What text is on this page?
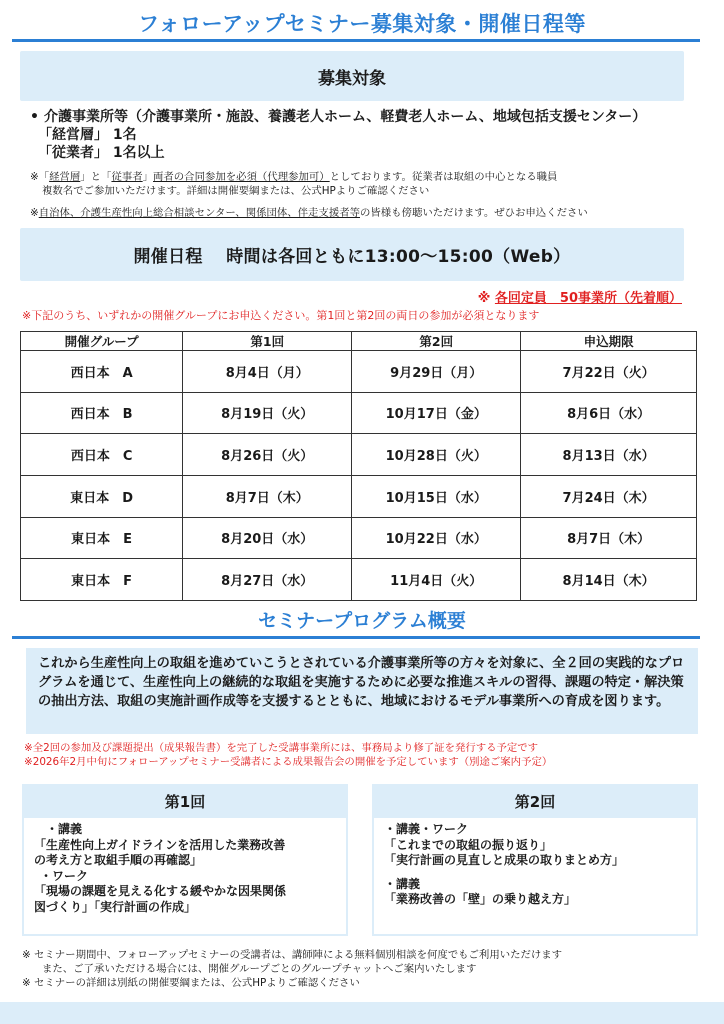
フォローアップセミナー募集対象・開催日程等
募集対象
• 介護事業所等（介護事業所・施設、養護老人ホーム、軽費老人ホーム、地域包括支援センター）
「経営層」 1名
「従業者」 1名以上
※「経営層」と「従事者」両者の合同参加を必須（代理参加可）としております。従業者は取組の中心となる職員
複数名でご参加いただけます。詳細は開催要綱または、公式HPよりご確認ください
※自治体、介護生産性向上総合相談センター、関係団体、伴走支援者等の皆様も傍聴いただけます。ぜひお申込ください
開催日程　 時間は各回ともに13:00～15:00（Web）
※ 各回定員　50事業所（先着順）
※下記のうち、いずれかの開催グループにお申込ください。第1回と第2回の両日の参加が必須となります
開催グループ	第1回	第2回	申込期限
西日本　A	8月4日（月）	9月29日（月）	7月22日（火）
西日本　B	8月19日（火）	10月17日（金）	8月6日（水）
西日本　C	8月26日（火）	10月28日（火）	8月13日（水）
東日本　D	8月7日（木）	10月15日（水）	7月24日（木）
東日本　E	8月20日（水）	10月22日（水）	8月7日（木）
東日本　F	8月27日（水）	11月4日（火）	8月14日（木）
セミナープログラム概要
これから生産性向上の取組を進めていこうとされている介護事業所等の方々を対象に、全２回の実践的なプログラムを通じて、生産性向上の継続的な取組を実施するために必要な推進スキルの習得、課題の特定・解決策の抽出方法、取組の実施計画作成等を支援するとともに、地域におけるモデル事業所への育成を図ります。
※全2回の参加及び課題提出（成果報告書）を完了した受講事業所には、事務局より修了証を発行する予定です
※2026年2月中旬にフォローアップセミナー受講者による成果報告会の開催を予定しています（別途ご案内予定）
第1回
・講義
「生産性向上ガイドラインを活用した業務改善
の考え方と取組手順の再確認」
・ワーク
「現場の課題を見える化する緩やかな因果関係
図づくり」「実行計画の作成」
第2回
・講義・ワーク
「これまでの取組の振り返り」
「実行計画の見直しと成果の取りまとめ方」
・講義
「業務改善の「壁」の乗り越え方」
※ セミナー期間中、フォローアップセミナーの受講者は、講師陣による無料個別相談を何度でもご利用いただけます
また、ご了承いただける場合には、開催グループごとのグループチャットへご案内いたします
※ セミナーの詳細は別紙の開催要綱または、公式HPよりご確認ください
